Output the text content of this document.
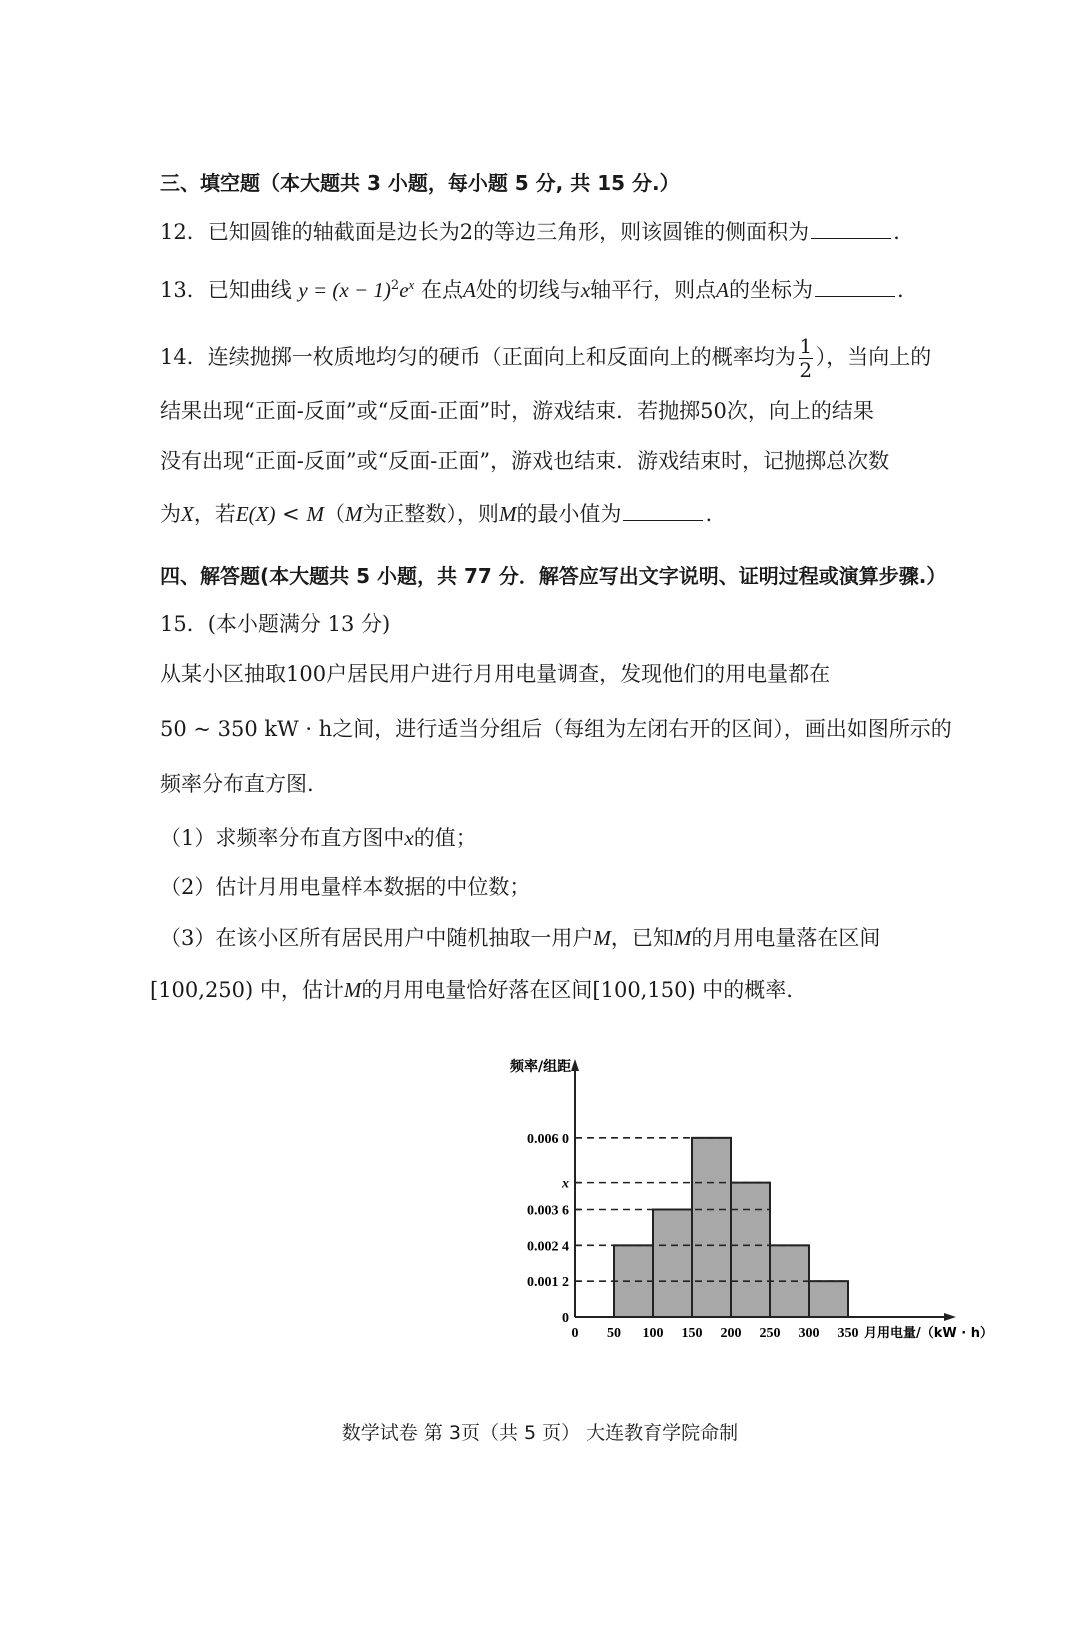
三、填空题（本大题共 3 小题，每小题 5 分, 共 15 分.）
12．已知圆锥的轴截面是边长为2的等边三角形，则该圆锥的侧面积为	.
13．已知曲线 $y = (x - 1)^2e^x$ 在点A处的切线与x轴平行，则点A的坐标为	.
14．连续抛掷一枚质地均匀的硬币（正面向上和反面向上的概率均为 $\frac{1}{2}$ ），当向上的
结果出现“正面-反面”或“反面-正面”时，游戏结束．若抛掷50次，向上的结果
没有出现“正面-反面”或“反面-正面”，游戏也结束．游戏结束时，记抛掷总次数
为X，若E(X) < M（M为正整数），则M的最小值为	.
四、解答题(本大题共 5 小题，共 77 分．解答应写出文字说明、证明过程或演算步骤.）
15．(本小题满分 13 分)
从某小区抽取100户居民用户进行月用电量调查，发现他们的用电量都在
50 ~ 350 kW · h之间，进行适当分组后（每组为左闭右开的区间），画出如图所示的
频率分布直方图.
（1）求频率分布直方图中x的值；
（2）估计月用电量样本数据的中位数；
（3）在该小区所有居民用户中随机抽取一用户M，已知M的月用电量落在区间
[100,250) 中，估计M的月用电量恰好落在区间[100,150) 中的概率.
0
0.001 2
0.002 4
0.003 6
x
0.006 0
0 50 100 150 200 250 300 350
频率/组距
月用电量/（kW · h）
数学试卷 第 3页（共 5 页） 大连教育学院命制
